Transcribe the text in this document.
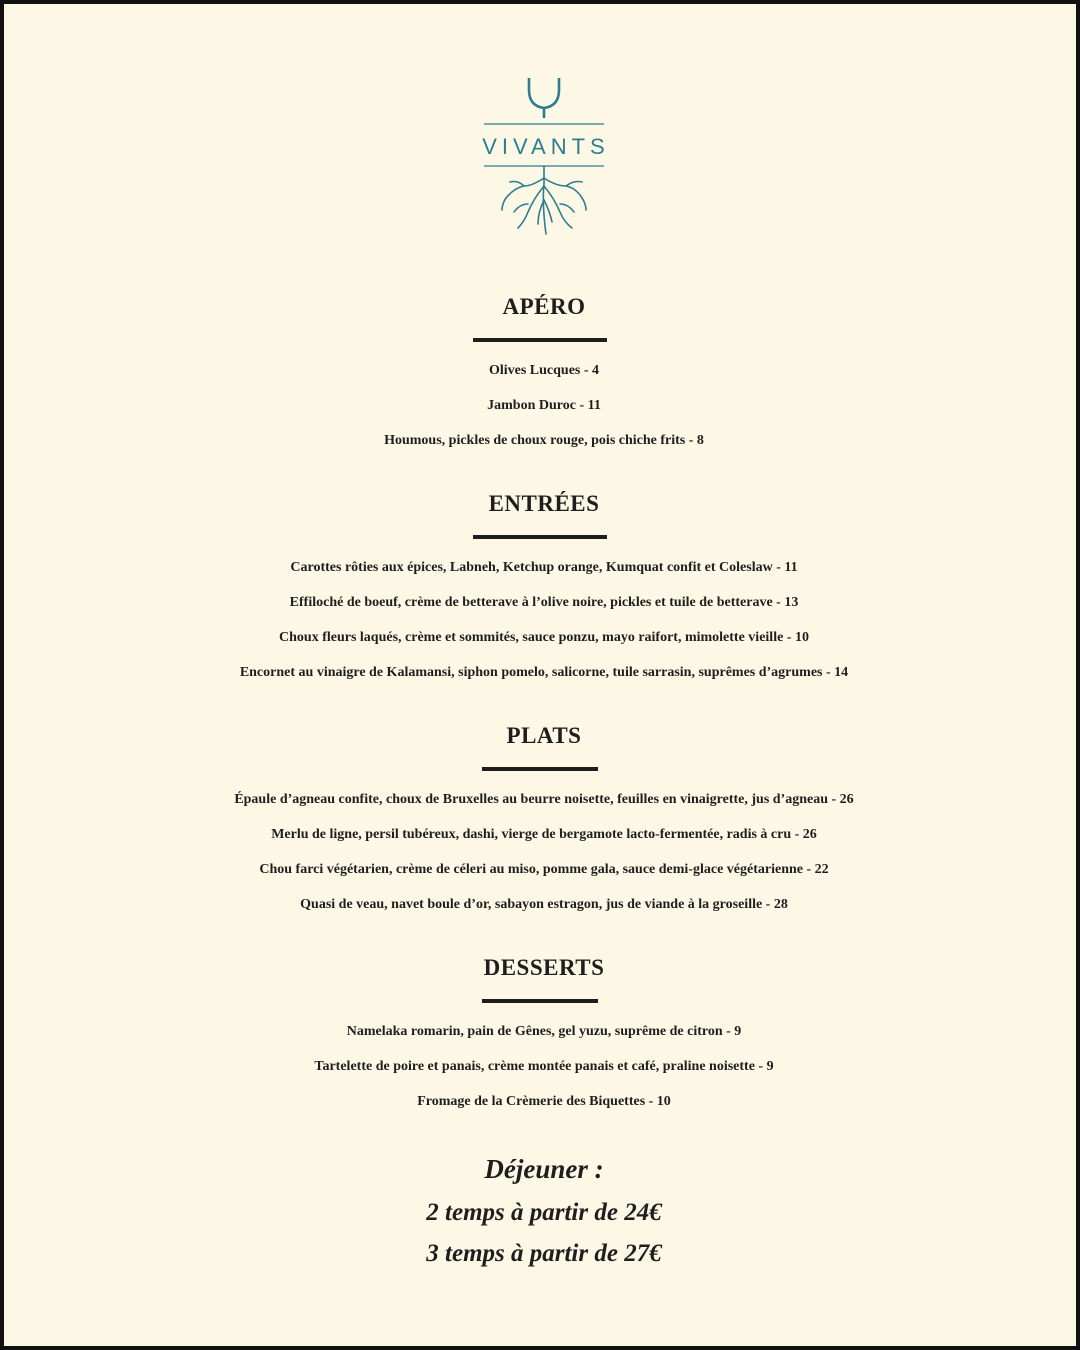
VIVANTS
APÉRO
Olives Lucques - 4
Jambon Duroc - 11
Houmous, pickles de choux rouge, pois chiche frits - 8
ENTRÉES
Carottes rôties aux épices, Labneh, Ketchup orange, Kumquat confit et Coleslaw - 11
Effiloché de boeuf, crème de betterave à l’olive noire, pickles et tuile de betterave - 13
Choux fleurs laqués, crème et sommités, sauce ponzu, mayo raifort, mimolette vieille - 10
Encornet au vinaigre de Kalamansi, siphon pomelo, salicorne, tuile sarrasin, suprêmes d’agrumes - 14
PLATS
Épaule d’agneau confite, choux de Bruxelles au beurre noisette, feuilles en vinaigrette, jus d’agneau - 26
Merlu de ligne, persil tubéreux, dashi, vierge de bergamote lacto-fermentée, radis à cru - 26
Chou farci végétarien, crème de céleri au miso, pomme gala, sauce demi-glace végétarienne - 22
Quasi de veau, navet boule d’or, sabayon estragon, jus de viande à la groseille - 28
DESSERTS
Namelaka romarin, pain de Gênes, gel yuzu, suprême de citron - 9
Tartelette de poire et panais, crème montée panais et café, praline noisette - 9
Fromage de la Crèmerie des Biquettes - 10
Déjeuner :
2 temps à partir de 24€
3 temps à partir de 27€
